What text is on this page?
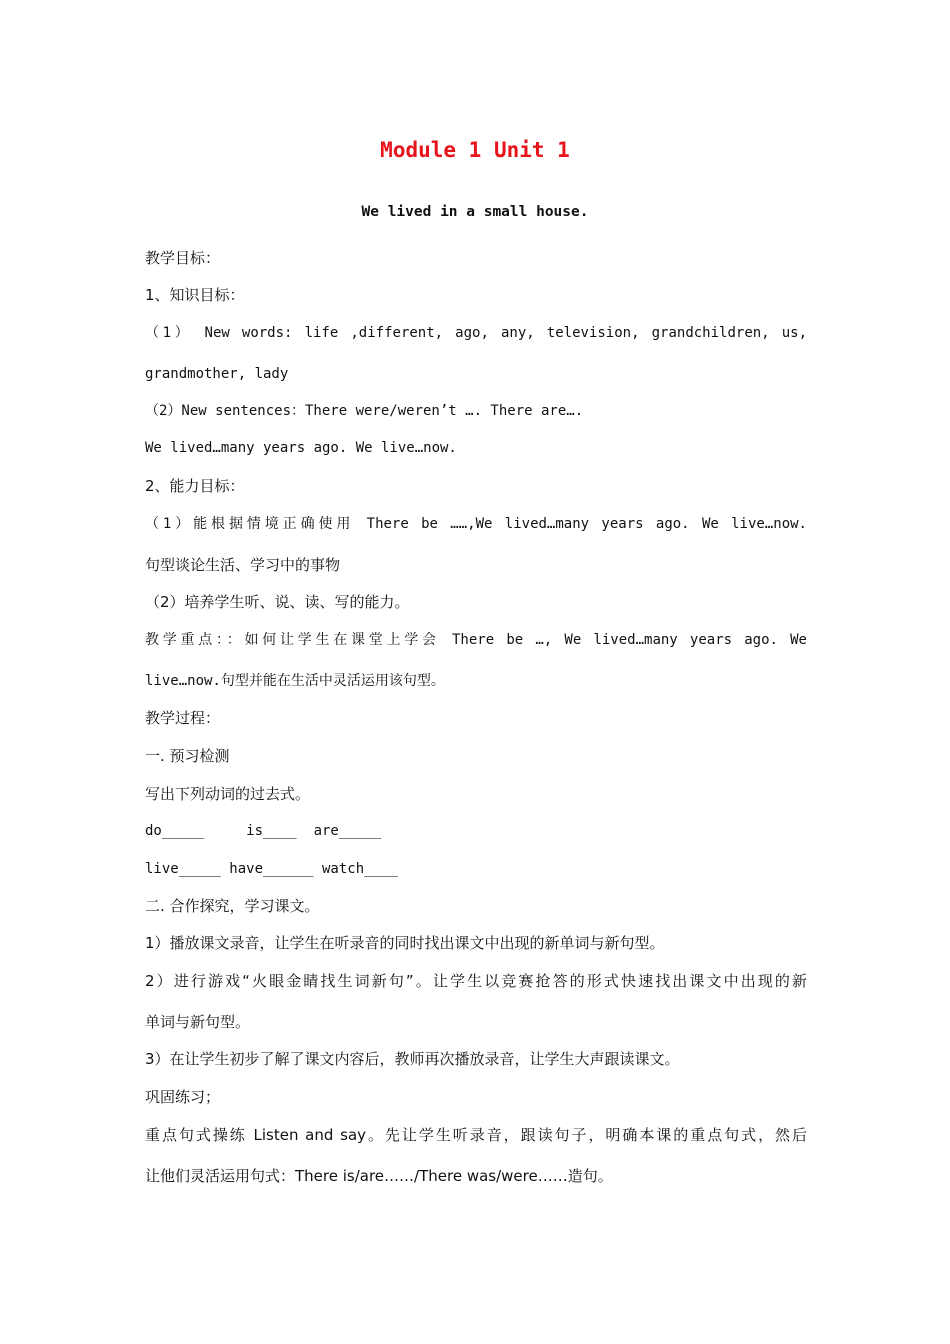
Module 1 Unit 1

We lived in a small house.

教学目标：

1、知识目标：

（1） New words: life ,different, ago, any, television, grandchildren, us,

grandmother, lady

（2）New sentences：There were/weren’t …. There are….

We lived…many years ago. We live…now.

2、能力目标：

（1）能根据情境正确使用 There be ……,We lived…many years ago. We live…now.

句型谈论生活、学习中的事物

（2）培养学生听、说、读、写的能力。

教学重点：：如何让学生在课堂上学会 There be …, We lived…many years ago. We

live…now.句型并能在生活中灵活运用该句型。

教学过程：

一. 预习检测

写出下列动词的过去式。

do_____     is____  are_____

live_____ have______ watch____

二. 合作探究，学习课文。

1）播放课文录音，让学生在听录音的同时找出课文中出现的新单词与新句型。

2）进行游戏“火眼金睛找生词新句”。让学生以竞赛抢答的形式快速找出课文中出现的新

单词与新句型。

3）在让学生初步了解了课文内容后，教师再次播放录音，让学生大声跟读课文。

巩固练习；

重点句式操练 Listen and say。先让学生听录音，跟读句子，明确本课的重点句式，然后

让他们灵活运用句式：There is/are……/There was/were……造句。
